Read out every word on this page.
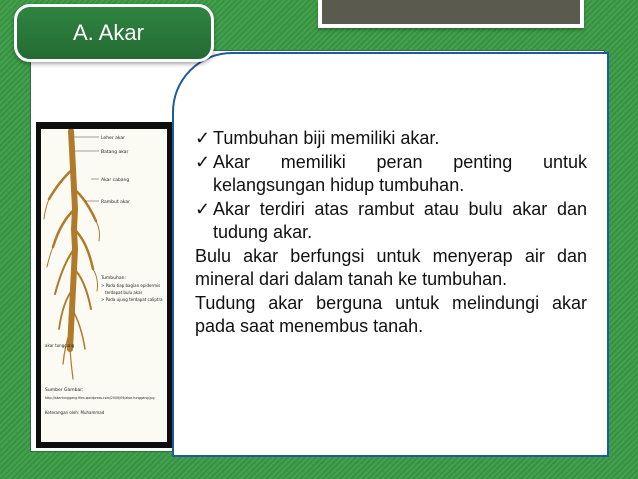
A. Akar
Leher akar
Batang akar
Akar cabang
Rambut akar
Tumbuhan:
> Pada tiap bagian epidermis
terdapat bulu akar
> Pada ujung terdapat caliptra
akar tunggang
Sumber Gambar:
http://akartunggang.files.wordpress.com/2009/09/akar-tunggang.jpg
Keterangan oleh: Muhammad
✓ Tumbuhan biji memiliki akar.
✓ Akar memiliki peran penting untuk kelangsungan hidup tumbuhan.
✓ Akar terdiri atas rambut atau bulu akar dan tudung akar.
Bulu akar berfungsi untuk menyerap air dan mineral dari dalam tanah ke tumbuhan.
Tudung akar berguna untuk melindungi akar pada saat menembus tanah.
